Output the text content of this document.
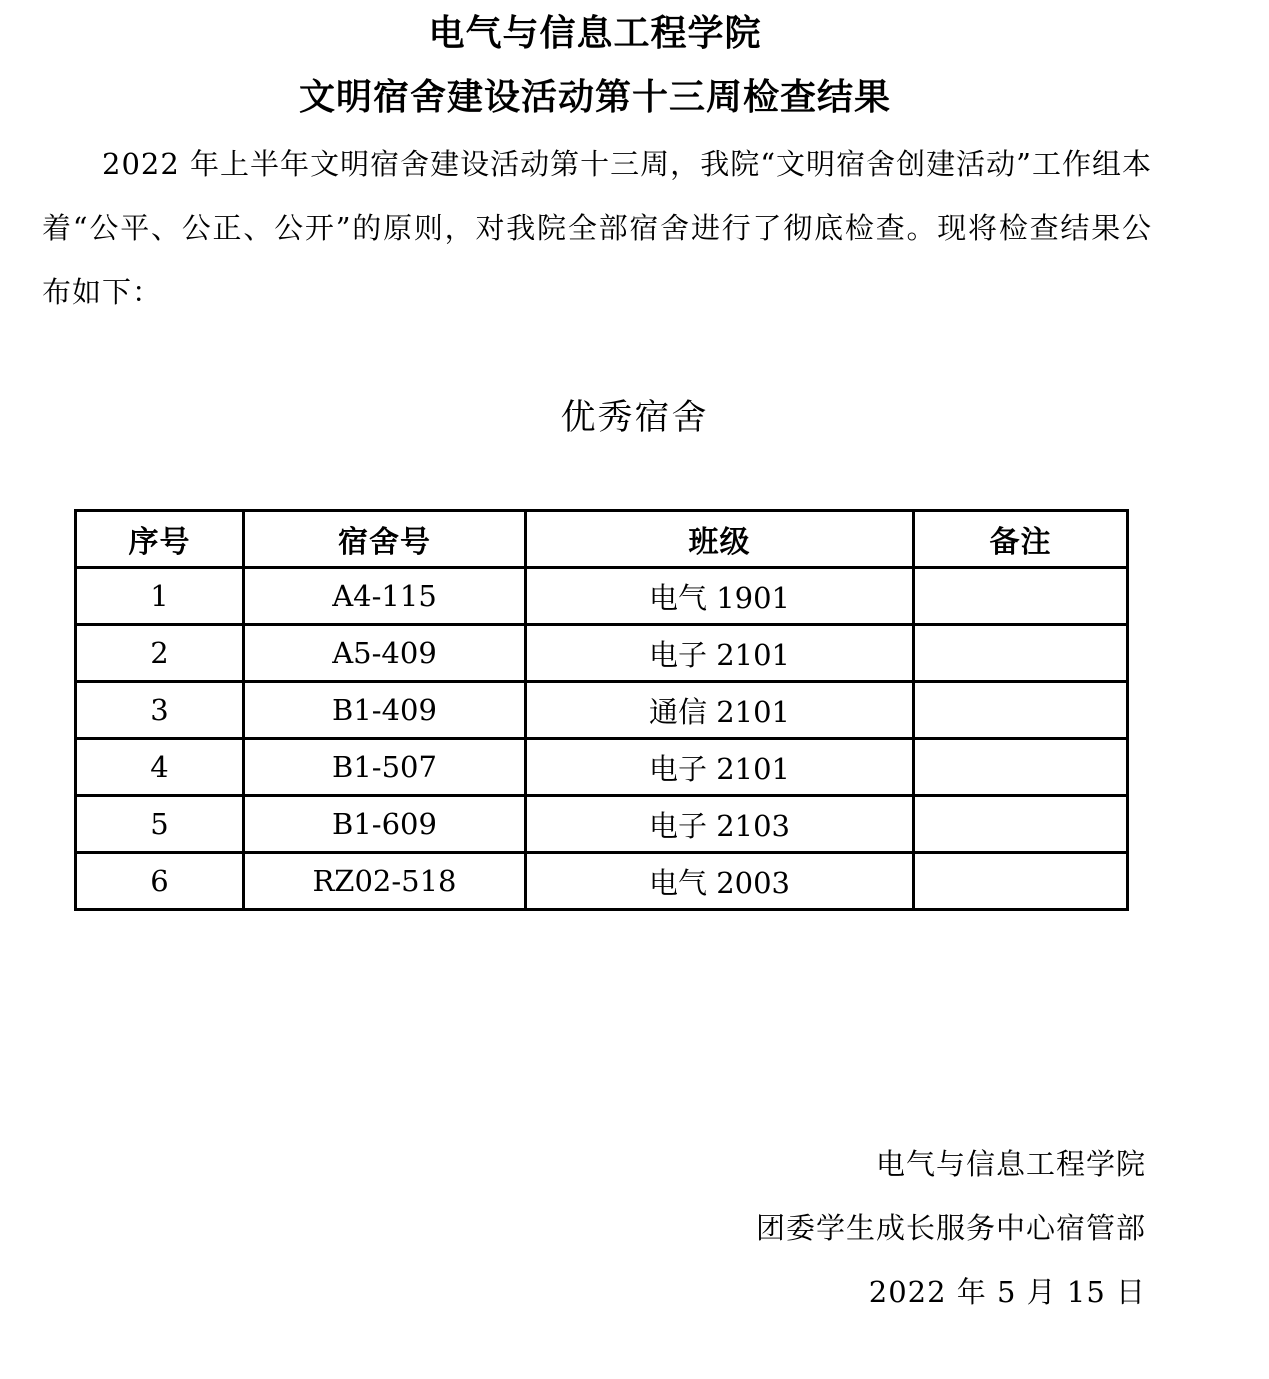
电气与信息工程学院
文明宿舍建设活动第十三周检查结果
2022 年上半年文明宿舍建设活动第十三周，我院“文明宿舍创建活动”工作组本着“公平、公正、公开”的原则，对我院全部宿舍进行了彻底检查。现将检查结果公布如下：
优秀宿舍
序号	宿舍号	班级	备注
1	A4-115	电气 1901	
2	A5-409	电子 2101	
3	B1-409	通信 2101	
4	B1-507	电子 2101	
5	B1-609	电子 2103	
6	RZ02-518	电气 2003	
电气与信息工程学院
团委学生成长服务中心宿管部
2022 年 5 月 15 日
